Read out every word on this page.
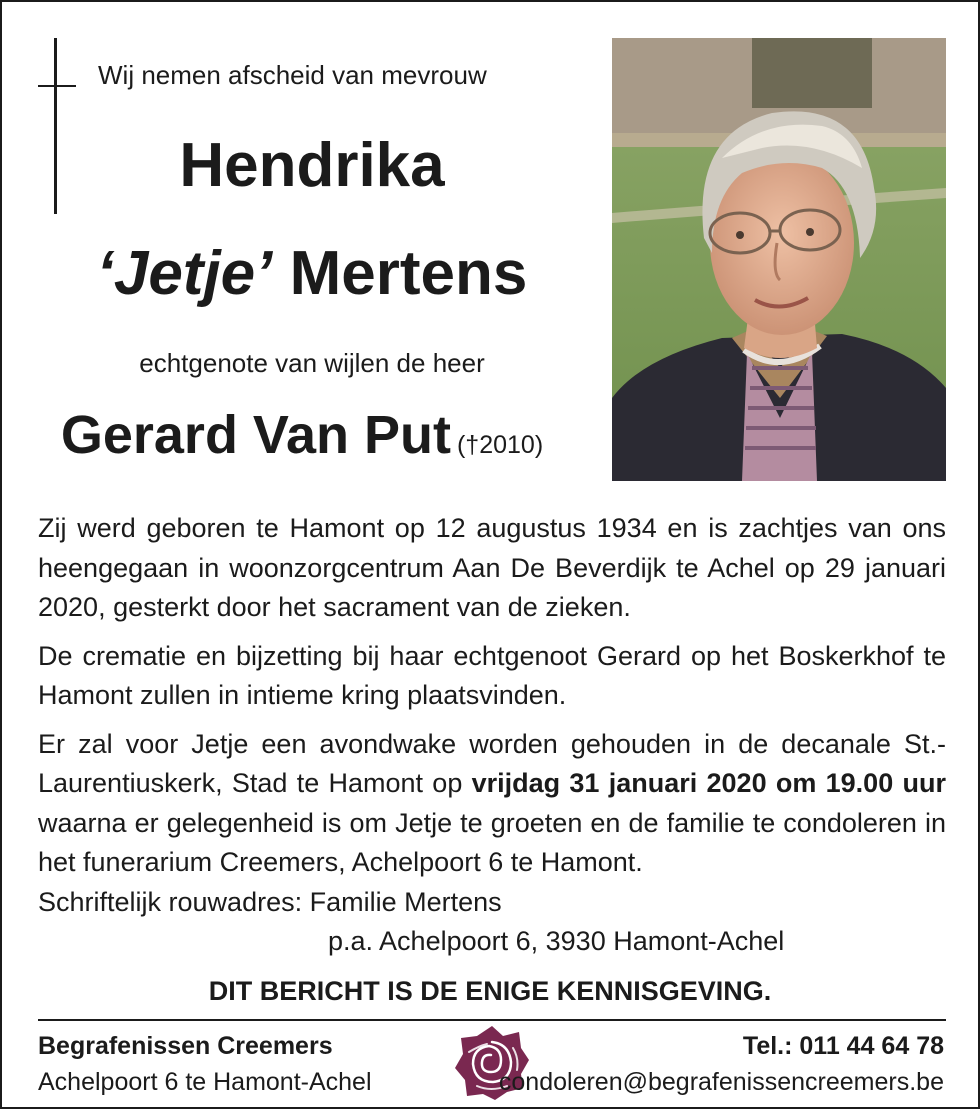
Wij nemen afscheid van mevrouw
Hendrika
‘Jetje’ Mertens
echtgenote van wijlen de heer
Gerard Van Put (†2010)

Zij werd geboren te Hamont op 12 augustus 1934 en is zachtjes van ons heengegaan in woonzorgcentrum Aan De Beverdijk te Achel op 29 januari 2020, gesterkt door het sacrament van de zieken.

De crematie en bijzetting bij haar echtgenoot Gerard op het Boskerkhof te Hamont zullen in intieme kring plaatsvinden.

Er zal voor Jetje een avondwake worden gehouden in de decanale St.-Laurentiuskerk, Stad te Hamont op vrijdag 31 januari 2020 om 19.00 uur waarna er gelegenheid is om Jetje te groeten en de familie te condoleren in het funerarium Creemers, Achelpoort 6 te Hamont.

Schriftelijk rouwadres: Familie Mertens
p.a. Achelpoort 6, 3930 Hamont-Achel
DIT BERICHT IS DE ENIGE KENNISGEVING.
Begrafenissen Creemers
Achelpoort 6 te Hamont-Achel
Tel.: 011 44 64 78
condoleren@begrafenissencreemers.be
